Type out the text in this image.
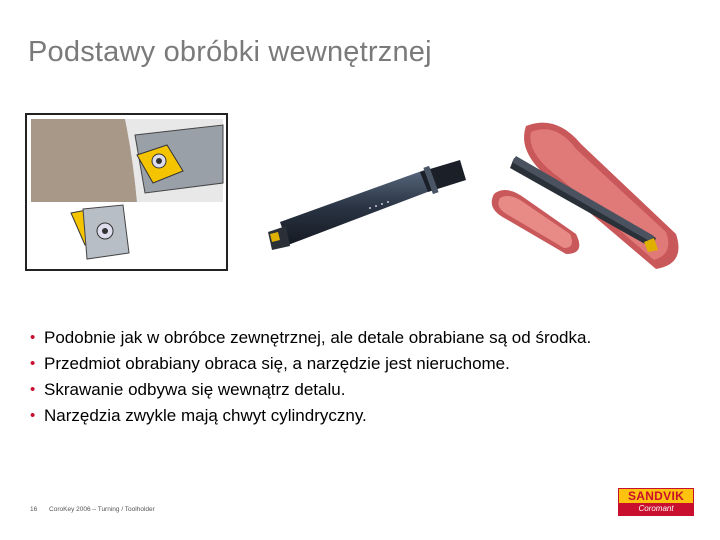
Podstawy obróbki wewnętrznej
• Podobnie jak w obróbce zewnętrznej, ale detale obrabiane są od środka.
• Przedmiot obrabiany obraca się, a narzędzie jest nieruchome.
• Skrawanie odbywa się wewnątrz detalu.
• Narzędzia zwykle mają chwyt cylindryczny.
16 CoroKey 2006 – Turning / Toolholder
SANDVIK
Coromant
